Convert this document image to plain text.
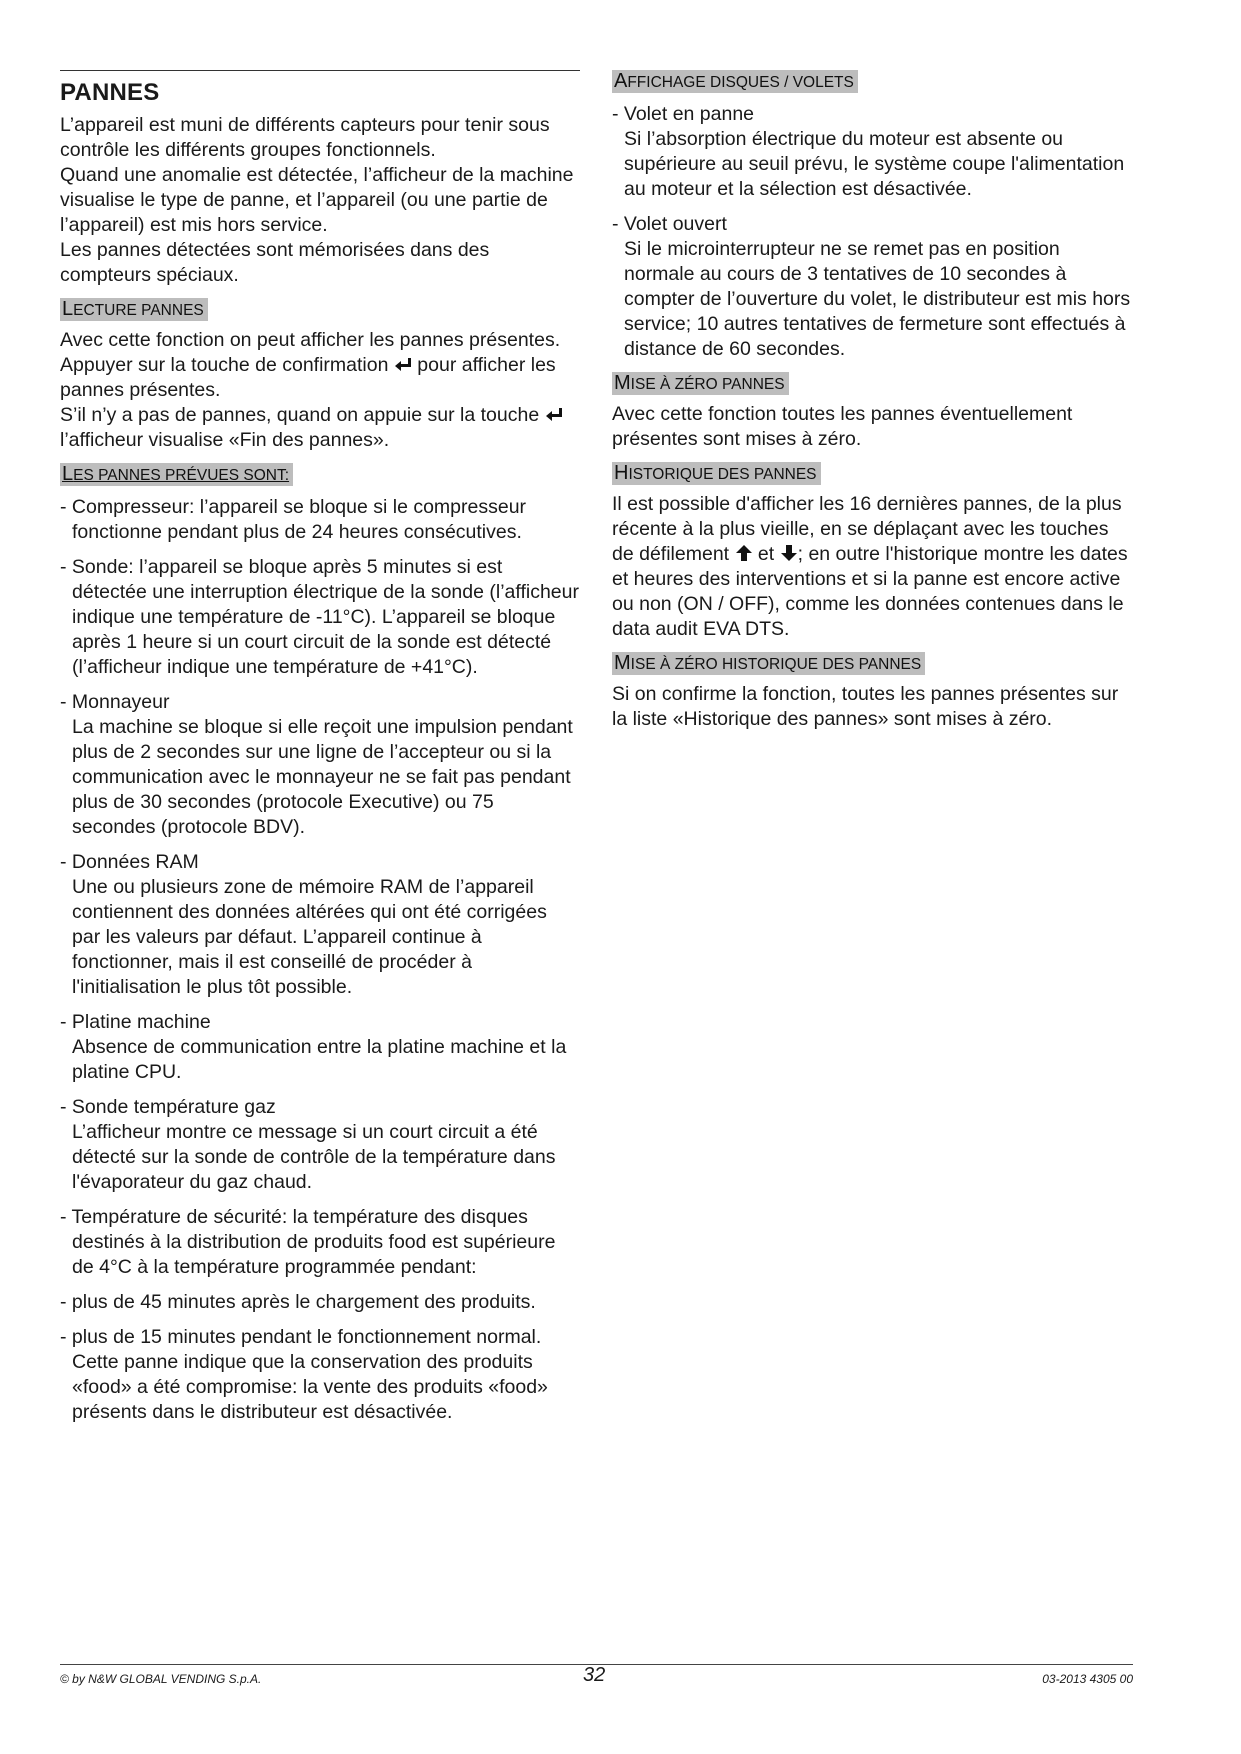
PANNES

L’appareil est muni de différents capteurs pour tenir sous contrôle les différents groupes fonctionnels.

Quand une anomalie est détectée, l’afficheur de la machine visualise le type de panne, et l’appareil (ou une partie de l’appareil) est mis hors service.

Les pannes détectées sont mémorisées dans des compteurs spéciaux.

LECTURE PANNES

Avec cette fonction on peut afficher les pannes présentes.

Appuyer sur la touche de confirmation pour afficher les pannes présentes.

S’il n’y a pas de pannes, quand on appuie sur la touche  l’afficheur visualise «Fin des pannes».

LES PANNES PRÉVUES SONT:
- Compresseur: l’appareil se bloque si le compresseur
fonctionne pendant plus de 24 heures consécutives.
- Sonde: l’appareil se bloque après 5 minutes si est
détectée une interruption électrique de la sonde (l’afficheur indique une température de -11°C). L’appareil se bloque après 1 heure si un court circuit de la sonde est détecté (l’afficheur indique une température de +41°C).
- Monnayeur
La machine se bloque si elle reçoit une impulsion pendant plus de 2 secondes sur une ligne de l’accepteur ou si la communication avec le monnayeur ne se fait pas pendant plus de 30 secondes (protocole Executive) ou 75 secondes (protocole BDV).
- Données RAM
Une ou plusieurs zone de mémoire RAM de l’appareil contiennent des données altérées qui ont été corrigées par les valeurs par défaut. L’appareil continue à fonctionner, mais il est conseillé de procéder à l'initialisation le plus tôt possible.
- Platine machine
Absence de communication entre la platine machine et la platine CPU.
- Sonde température gaz
L’afficheur montre ce message si un court circuit a été détecté sur la sonde de contrôle de la température dans l'évaporateur du gaz chaud.
- Température de sécurité: la température des disques
destinés à la distribution de produits food est supérieure de 4°C à la température programmée pendant:
- plus de 45 minutes après le chargement des produits.
- plus de 15 minutes pendant le fonctionnement normal.
Cette panne indique que la conservation des produits «food» a été compromise: la vente des produits «food» présents dans le distributeur est désactivée.
AFFICHAGE DISQUES / VOLETS
- Volet en panne
Si l’absorption électrique du moteur est absente ou supérieure au seuil prévu, le système coupe l'alimentation au moteur et la sélection est désactivée.
- Volet ouvert
Si le microinterrupteur ne se remet pas en position normale au cours de 3 tentatives de 10 secondes à compter de l’ouverture du volet, le distributeur est mis hors service; 10 autres tentatives de fermeture sont effectués à distance de 60 secondes.
MISE À ZÉRO PANNES

Avec cette fonction toutes les pannes éventuellement présentes sont mises à zéro.

HISTORIQUE DES PANNES

Il est possible d'afficher les 16 dernières pannes, de la plus récente à la plus vieille, en se déplaçant avec les touches de défilement et ; en outre l'historique montre les dates et heures des interventions et si la panne est encore active ou non (ON / OFF), comme les données contenues dans le data audit EVA DTS.

MISE À ZÉRO HISTORIQUE DES PANNES

Si on confirme la fonction, toutes les pannes présentes sur la liste «Historique des pannes» sont mises à zéro.

© by N&W GLOBAL VENDING S.p.A.	32	03-2013 4305 00
